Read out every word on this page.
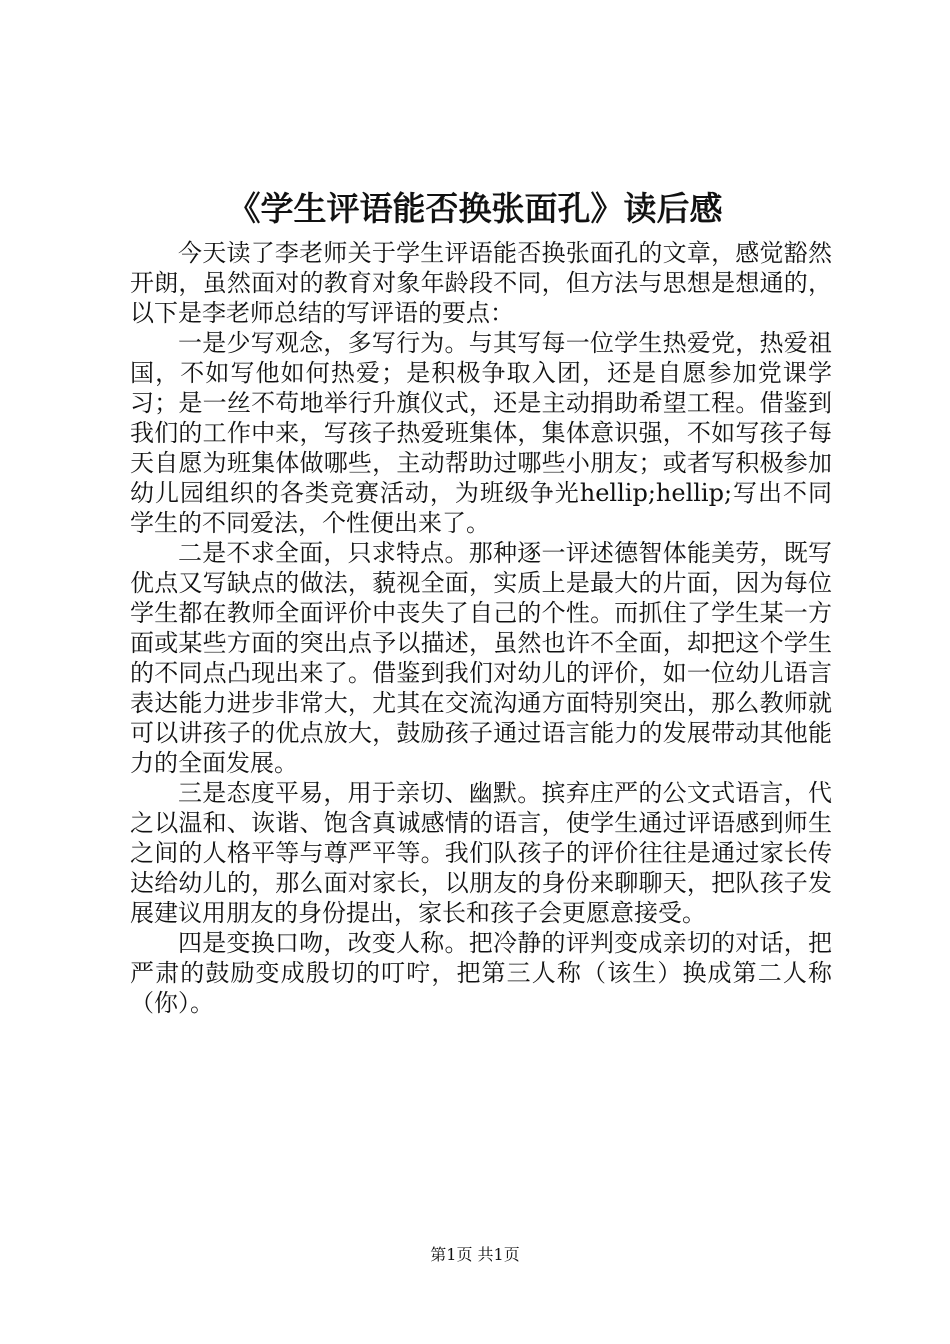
《学生评语能否换张面孔》读后感

今天读了李老师关于学生评语能否换张面孔的文章，感觉豁然开朗，虽然面对的教育对象年龄段不同，但方法与思想是想通的，以下是李老师总结的写评语的要点：

一是少写观念，多写行为。与其写每一位学生热爱党，热爱祖国，不如写他如何热爱；是积极争取入团，还是自愿参加党课学习；是一丝不苟地举行升旗仪式，还是主动捐助希望工程。借鉴到我们的工作中来，写孩子热爱班集体，集体意识强，不如写孩子每天自愿为班集体做哪些，主动帮助过哪些小朋友；或者写积极参加幼儿园组织的各类竞赛活动，为班级争光hellip;hellip;写出不同学生的不同爱法，个性便出来了。

二是不求全面，只求特点。那种逐一评述德智体能美劳，既写优点又写缺点的做法，藐视全面，实质上是最大的片面，因为每位学生都在教师全面评价中丧失了自己的个性。而抓住了学生某一方面或某些方面的突出点予以描述，虽然也许不全面，却把这个学生的不同点凸现出来了。借鉴到我们对幼儿的评价，如一位幼儿语言表达能力进步非常大，尤其在交流沟通方面特别突出，那么教师就可以讲孩子的优点放大，鼓励孩子通过语言能力的发展带动其他能力的全面发展。

三是态度平易，用于亲切、幽默。摈弃庄严的公文式语言，代之以温和、诙谐、饱含真诚感情的语言，使学生通过评语感到师生之间的人格平等与尊严平等。我们队孩子的评价往往是通过家长传达给幼儿的，那么面对家长，以朋友的身份来聊聊天，把队孩子发展建议用朋友的身份提出，家长和孩子会更愿意接受。

四是变换口吻，改变人称。把冷静的评判变成亲切的对话，把严肃的鼓励变成殷切的叮咛，把第三人称（该生）换成第二人称（你）。

第1页 共1页
